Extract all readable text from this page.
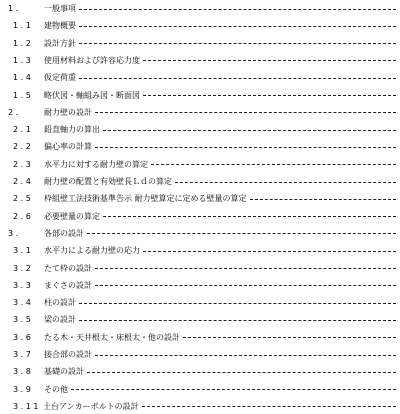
1 .	一般事項
1 . 1	建物概要
1 . 2	設計方針
1 . 3	使用材料および許容応力度
1 . 4	仮定荷重
1 . 5	略伏図・軸組み図・断面図
2 .	耐力壁の設計
2 . 1	鉛直軸力の算出
2 . 2	偏心率の計算
2 . 3	水平力に対する耐力壁の算定
2 . 4	耐力壁の配置と有効壁長Ｌｄの算定
2 . 5	枠組壁工法技術基準告示 耐力壁算定に定める壁量の算定
2 . 6	必要壁量の算定
3 .	各部の設計
3 . 1	水平力による耐力壁の応力
3 . 2	たて枠の設計
3 . 3	まぐさの設計
3 . 4	柱の設計
3 . 5	梁の設計
3 . 6	たる木・天井根太・床根太・他の設計
3 . 7	接合部の設計
3 . 8	基礎の設計
3 . 9	その他
3 . 1 1 土台アンカーボルトの設計
